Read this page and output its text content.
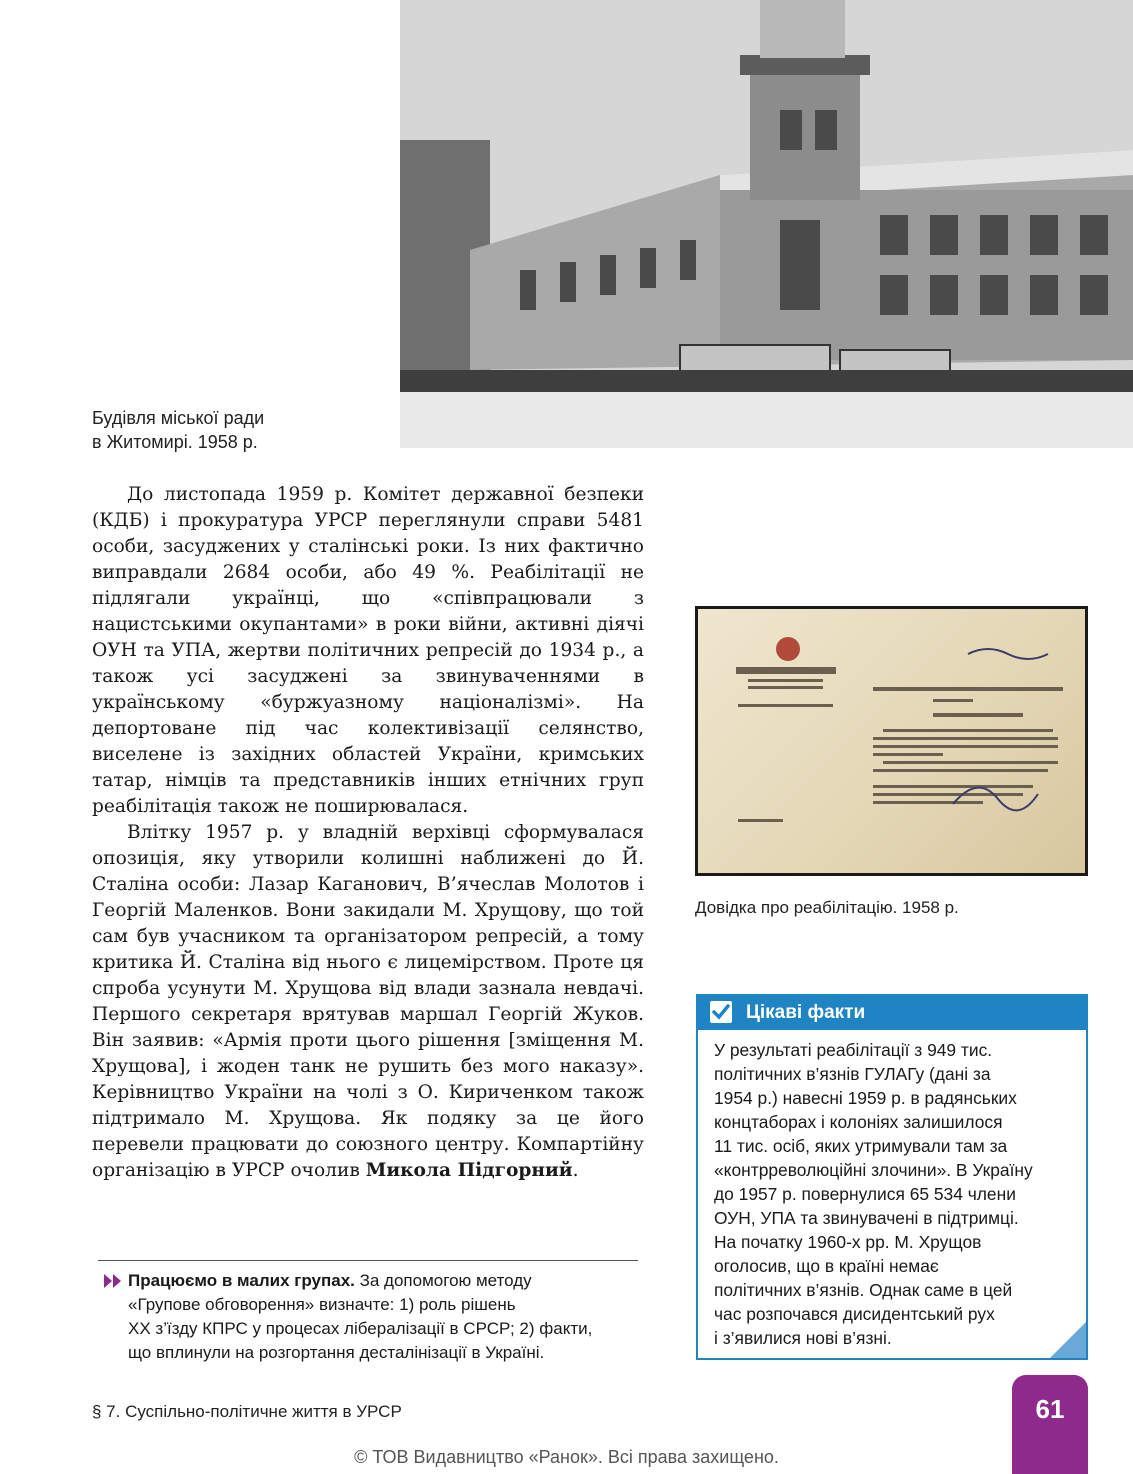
Будівля міської ради
в Житомирі. 1958 р.

До листопада 1959 р. Комітет державної безпеки (КДБ) і прокуратура УРСР переглянули справи 5481 особи, засуджених у сталінські роки. Із них фактично виправдали 2684 особи, або 49 %. Реабілітації не підлягали українці, що «співпрацювали з нацистськими окупантами» в роки війни, активні діячі ОУН та УПА, жертви політичних репресій до 1934 р., а також усі засуджені за звинуваченнями в українському «буржуазному націоналізмі». На депортоване під час колективізації селянство, виселене із західних областей України, кримських татар, німців та представників інших етнічних груп реабілітація також не поширювалася.

Влітку 1957 р. у владній верхівці сформувалася опозиція, яку утворили колишні наближені до Й. Сталіна особи: Лазар Каганович, В’ячеслав Молотов і Георгій Маленков. Вони закидали М. Хрущову, що той сам був учасником та організатором репресій, а тому критика Й. Сталіна від нього є лицемірством. Проте ця спроба усунути М. Хрущова від влади зазнала невдачі. Першого секретаря врятував маршал Георгій Жуков. Він заявив: «Армія проти цього рішення [зміщення М. Хрущова], і жоден танк не рушить без мого наказу». Керівництво України на чолі з О. Кириченком також підтримало М. Хрущова. Як подяку за це його перевели працювати до союзного центру. Компартійну організацію в УРСР очолив Микола Підгорний.

Довідка про реабілітацію. 1958 р.
Цікаві факти
У результаті реабілітації з 949 тис.
політичних в’язнів ГУЛАГу (дані за
1954 р.) навесні 1959 р. в радянських
концтаборах і колоніях залишилося
11 тис. осіб, яких утримували там за
«контрреволюційні злочини». В Україну
до 1957 р. повернулися 65 534 члени
ОУН, УПА та звинувачені в підтримці.
На початку 1960-х рр. М. Хрущов
оголосив, що в країні немає
політичних в’язнів. Однак саме в цей
час розпочався дисидентський рух
і з’явилися нові в’язні.
Працюємо в малих групах. За допомогою методу
«Групове обговорення» визначте: 1) роль рішень
XX з’їзду КПРС у процесах лібералізації в СРСР; 2) факти,
що вплинули на розгортання десталінізації в Україні.
§ 7. Суспільно-політичне життя в УРСР	61
© ТОВ Видавництво «Ранок». Всі права захищено.
